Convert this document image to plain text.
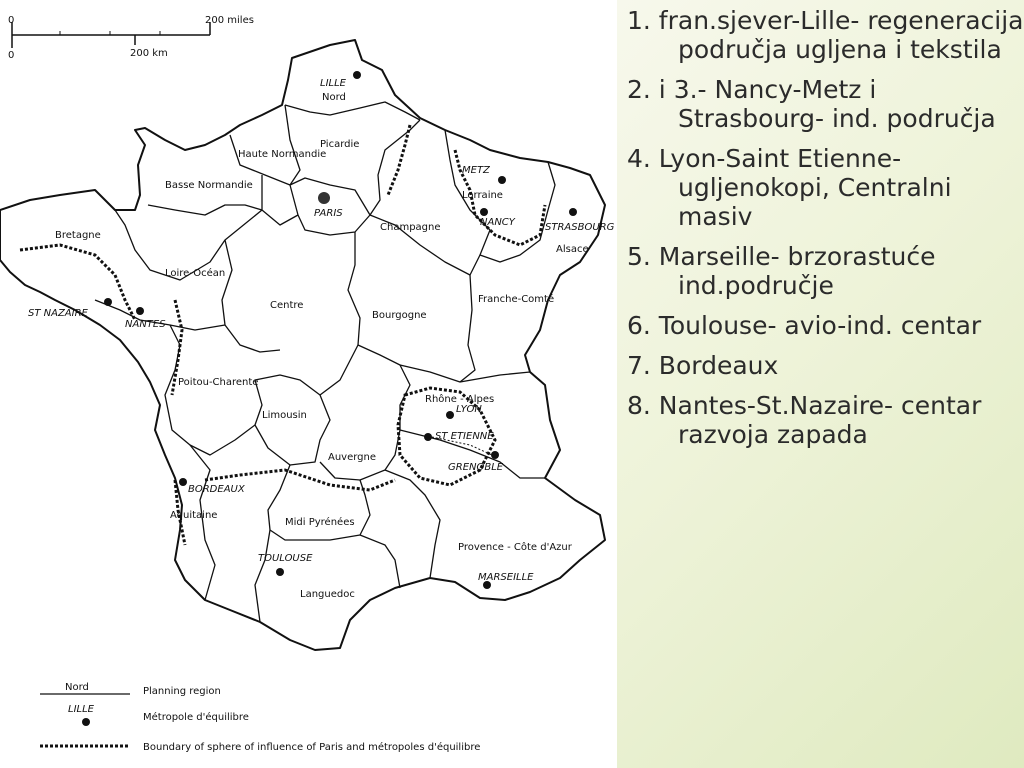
0	200 miles
0	200 km
Nord
Picardie
Haute Normandie
Basse Normandie
Champagne
Lorraine
Alsace
Bretagne
Loire-Océan
Centre
Bourgogne
Franche-Comté
Poitou-Charente
Limousin
Auvergne
Rhône - Alpes
Aquitaine
Midi Pyrénées
Languedoc
Provence - Côte d'Azur
LILLE
PARIS
METZ
NANCY	STRASBOURG
ST NAZAIRE
NANTES
LYON
ST ETIENNE
GRENOBLE
BORDEAUX
TOULOUSE
MARSEILLE
Nord	Planning region
LILLE
Métropole d'équilibre
Boundary of sphere of influence of Paris and métropoles d'équilibre
1. fran.sjever-Lille- regeneracija područja ugljena i tekstila
2. i 3.- Nancy-Metz i Strasbourg- ind. područja
4. Lyon-Saint Etienne- ugljenokopi, Centralni masiv
5. Marseille- brzorastuće ind.područje
6. Toulouse- avio-ind. centar
7. Bordeaux
8. Nantes-St.Nazaire- centar razvoja zapada
